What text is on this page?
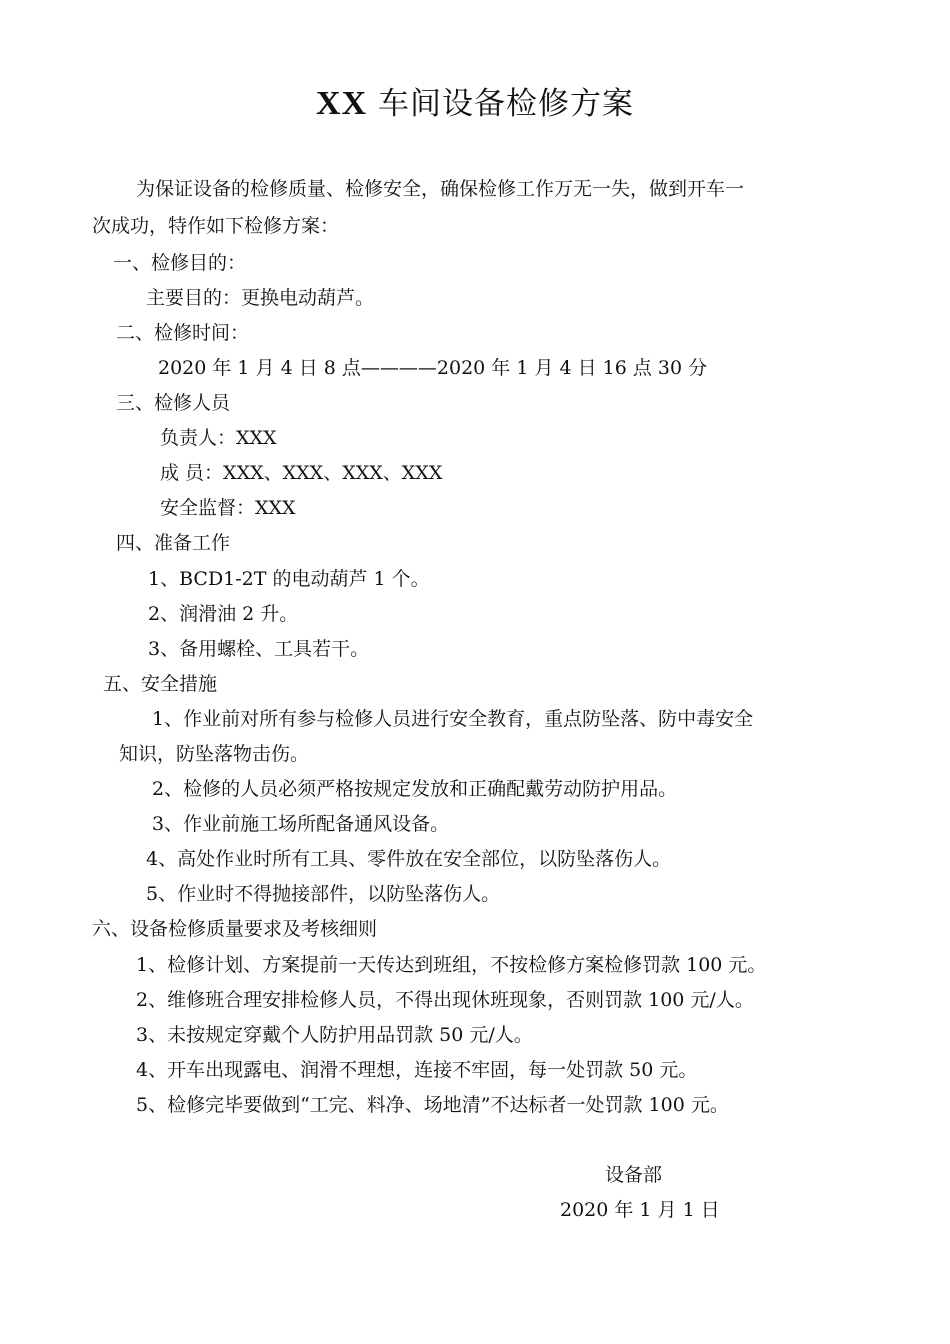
XX 车间设备检修方案
为保证设备的检修质量、检修安全，确保检修工作万无一失，做到开车一
次成功，特作如下检修方案：
一、检修目的：
主要目的：更换电动葫芦。
二、检修时间：
2020 年 1 月 4 日 8 点————2020 年 1 月 4 日 16 点 30 分
三、检修人员
负责人：XXX
成 员：XXX、XXX、XXX、XXX
安全监督：XXX
四、准备工作
1、BCD1-2T 的电动葫芦 1 个。
2、润滑油 2 升。
3、备用螺栓、工具若干。
五、安全措施
1、作业前对所有参与检修人员进行安全教育，重点防坠落、防中毒安全
知识，防坠落物击伤。
2、检修的人员必须严格按规定发放和正确配戴劳动防护用品。
3、作业前施工场所配备通风设备。
4、高处作业时所有工具、零件放在安全部位，以防坠落伤人。
5、作业时不得抛接部件，以防坠落伤人。
六、设备检修质量要求及考核细则
1、检修计划、方案提前一天传达到班组，不按检修方案检修罚款 100 元。
2、维修班合理安排检修人员，不得出现休班现象，否则罚款 100 元/人。
3、未按规定穿戴个人防护用品罚款 50 元/人。
4、开车出现露电、润滑不理想，连接不牢固，每一处罚款 50 元。
5、检修完毕要做到“工完、料净、场地清”不达标者一处罚款 100 元。
设备部
2020 年 1 月 1 日
